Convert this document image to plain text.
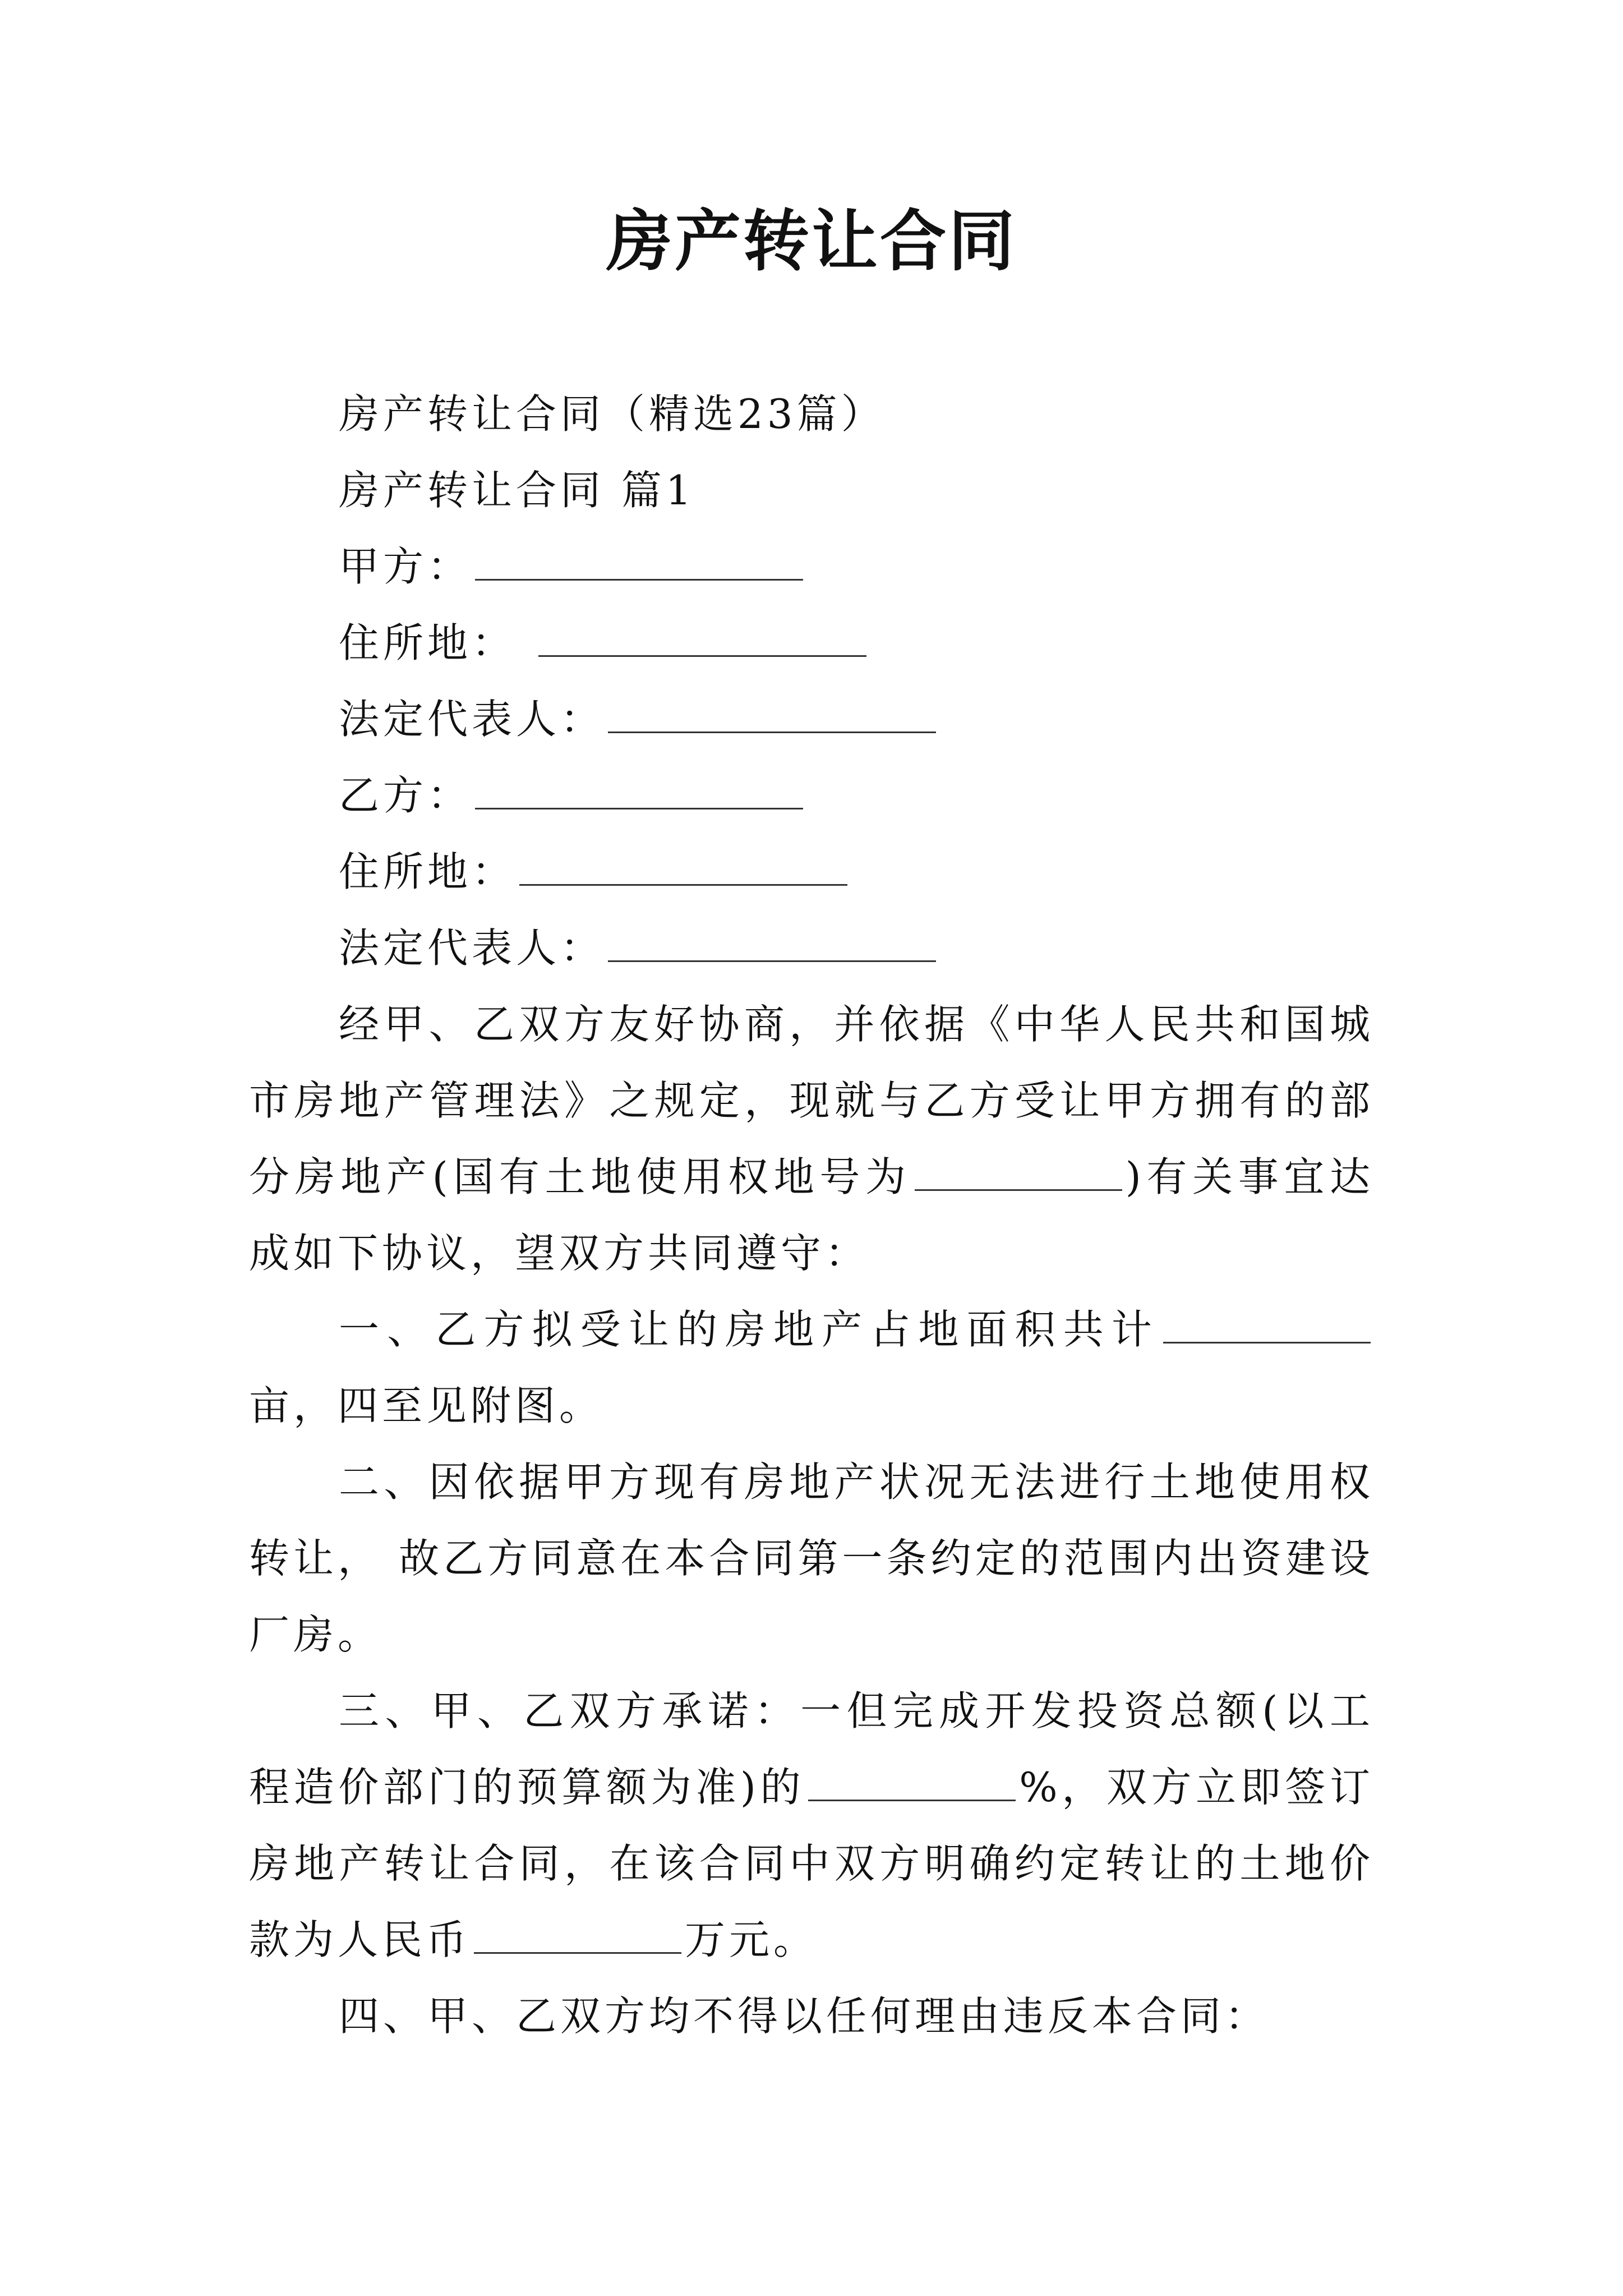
房产转让合同

房产转让合同（精选23篇）

房产转让合同 篇1

甲方：

住所地：

法定代表人：

乙方：

住所地：

法定代表人：

经甲、乙双方友好协商，并依据《中华人民共和国城市房地产管理法》之规定，现就与乙方受让甲方拥有的部分房地产(国有土地使用权地号为	)有关事宜达成如下协议，望双方共同遵守：

一、乙方拟受让的房地产占地面积共计亩，四至见附图。

二、因依据甲方现有房地产状况无法进行土地使用权转让， 故乙方同意在本合同第一条约定的范围内出资建设厂房。

三、甲、乙双方承诺：一但完成开发投资总额(以工程造价部门的预算额为准)的	%，双方立即签订房地产转让合同，在该合同中双方明确约定转让的土地价款为人民币	万元。

四、甲、乙双方均不得以任何理由违反本合同：
